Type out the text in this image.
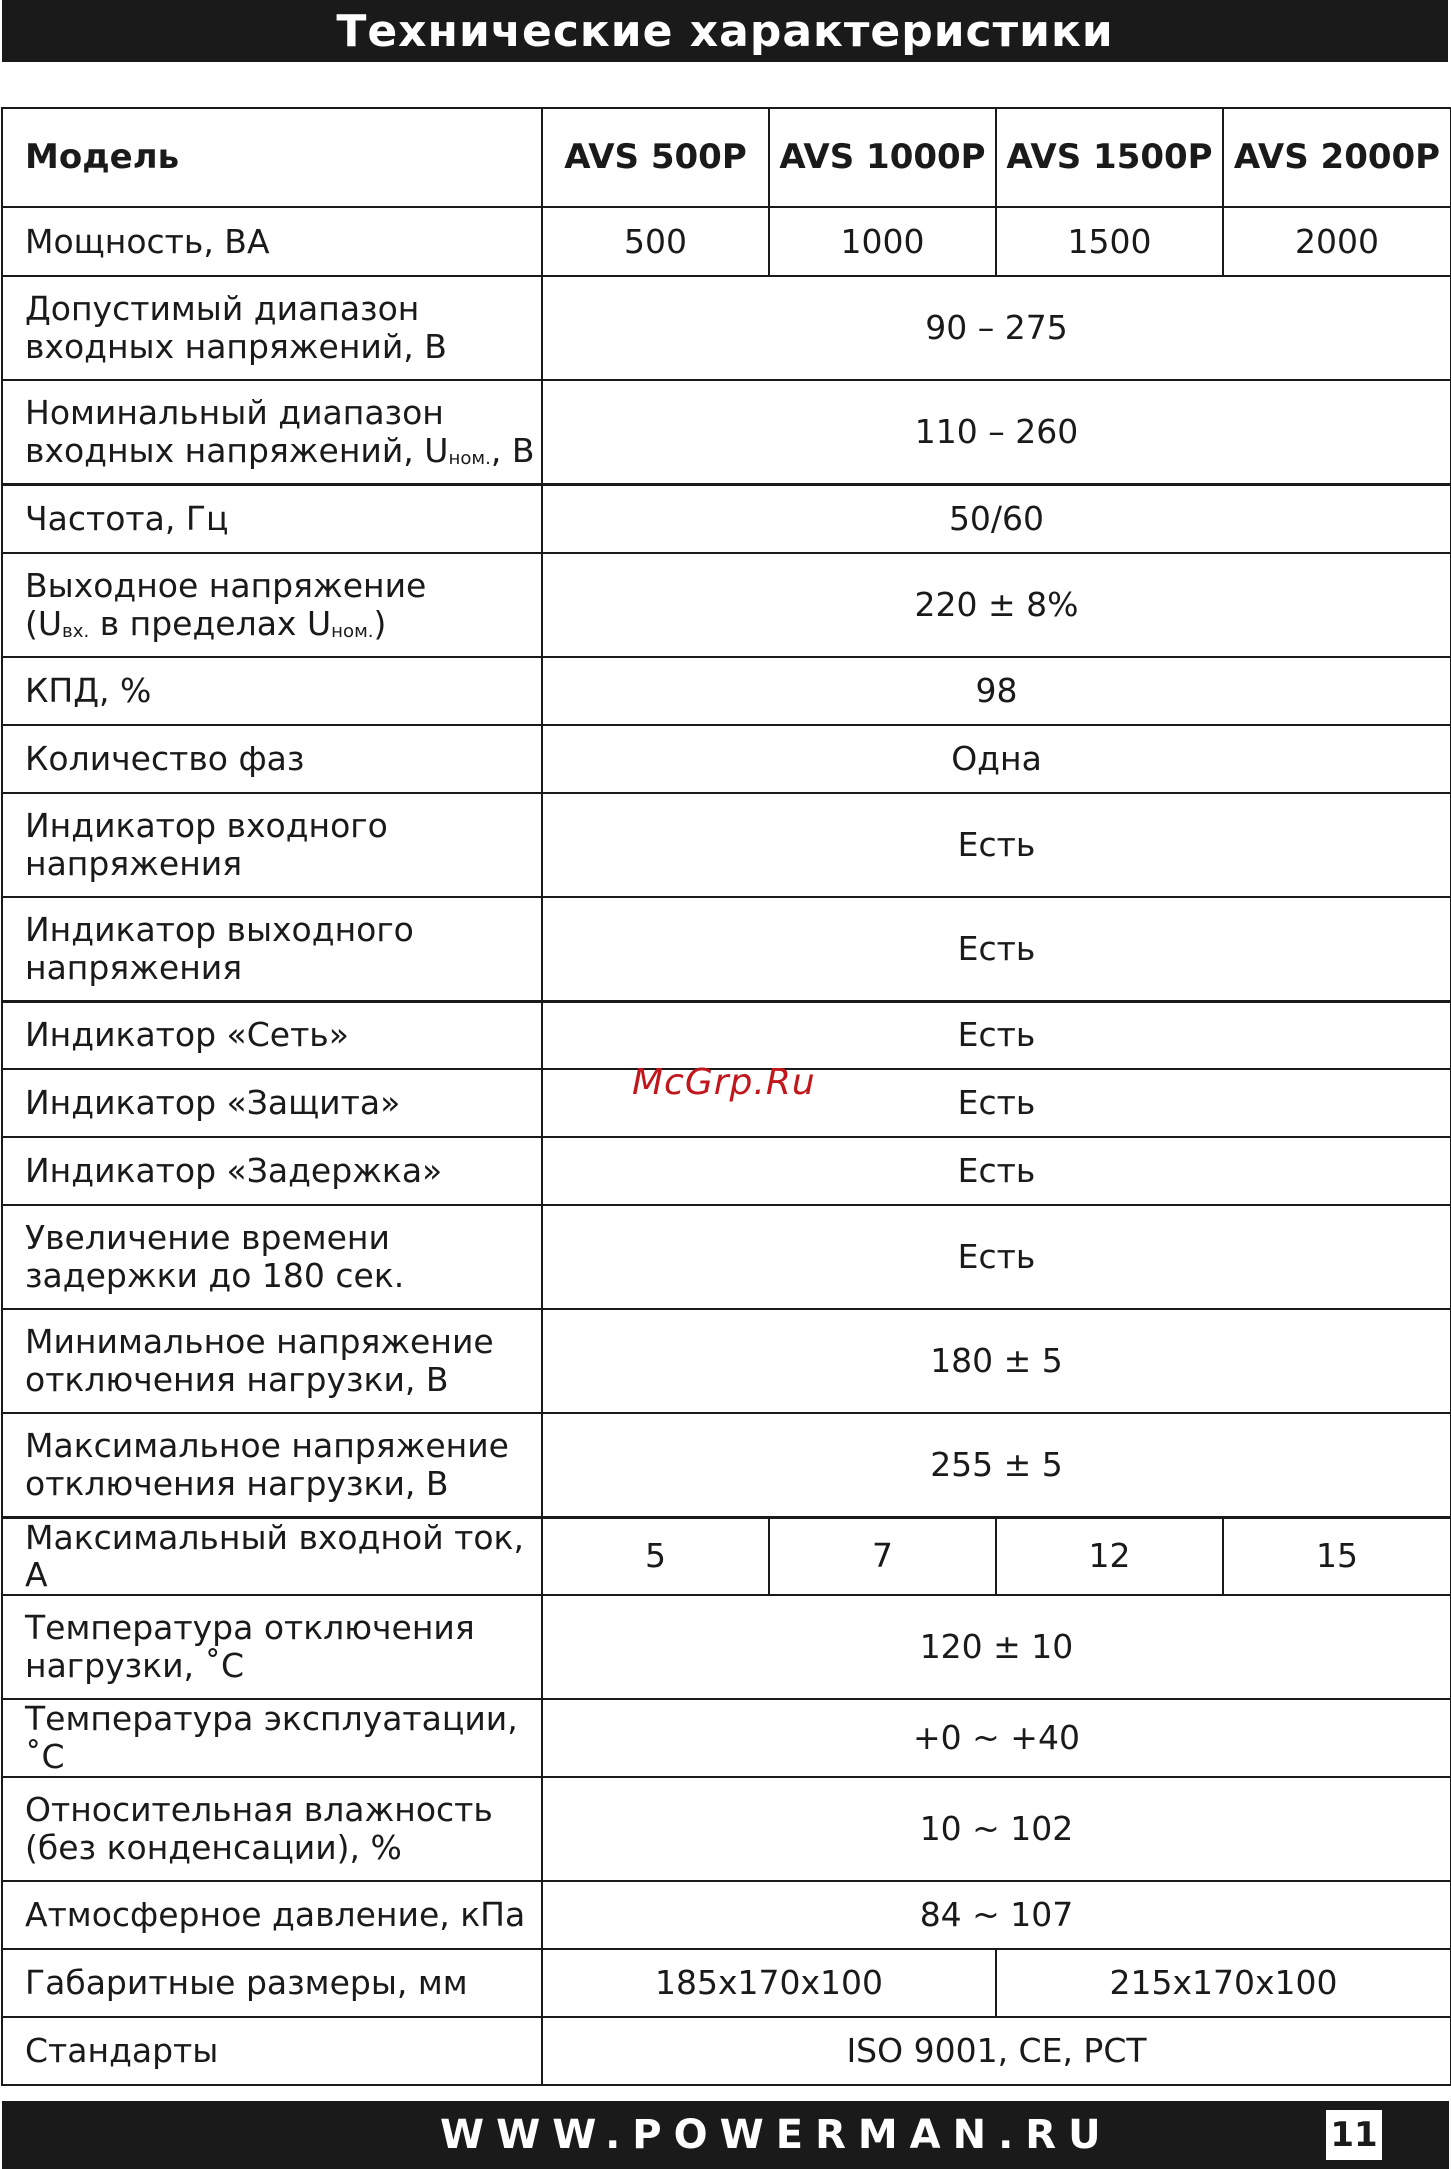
Технические характеристики
Модель	AVS 500P	AVS 1000P	AVS 1500P	AVS 2000P
Мощность, ВА	500	1000	1500	2000
Допустимый диапазон
входных напряжений, В	90 – 275			
Номинальный диапазон
входных напряжений, Uном., В	110 – 260			
Частота, Гц	50/60			
Выходное напряжение
(Uвх. в пределах Uном.)	220 ± 8%			
КПД, %	98			
Количество фаз	Одна			
Индикатор входного
напряжения	Есть			
Индикатор выходного
напряжения	Есть			
Индикатор «Сеть»	Есть			
Индикатор «Защита»	Есть			
Индикатор «Задержка»	Есть			
Увеличение времени
задержки до 180 сек.	Есть			
Минимальное напряжение
отключения нагрузки, В	180 ± 5			
Максимальное напряжение
отключения нагрузки, В	255 ± 5			
Максимальный входной ток, А	5	7	12	15
Температура отключения
нагрузки, ˚С	120 ± 10			
Температура эксплуатации, ˚С	+0 ~ +40			
Относительная влажность
(без конденсации), %	10 ~ 102			
Атмосферное давление, кПа	84 ~ 107			
Габаритные размеры, мм	185x170x100		215x170x100	
Стандарты	ISO 9001, CE, РСТ			
McGrp.Ru
WWW.POWERMAN.RU	11
